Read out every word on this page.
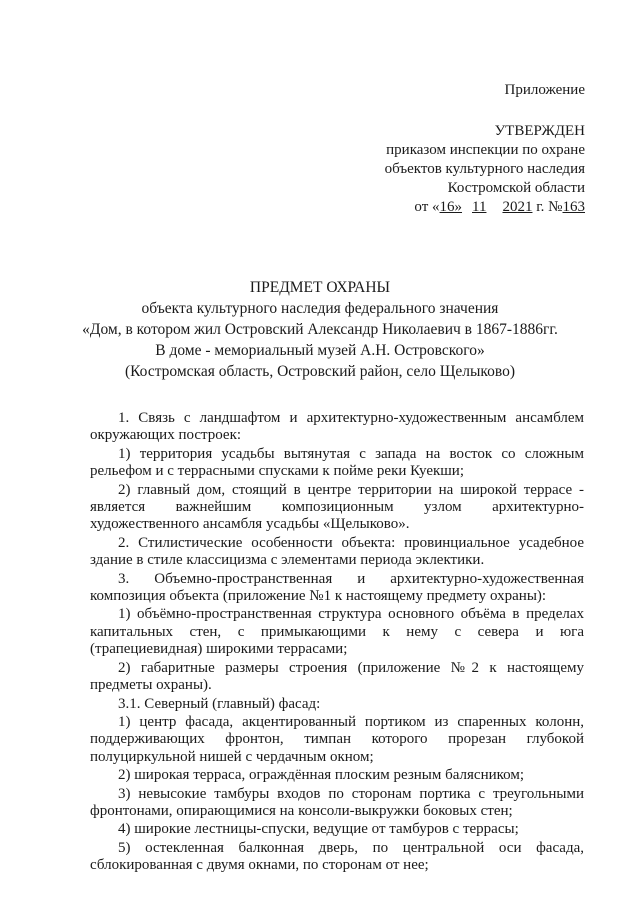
Приложение
УТВЕРЖДЕН
приказом инспекции по охране
объектов культурного наследия
Костромской области
от «16» 11 2021 г. №163
ПРЕДМЕТ ОХРАНЫ
объекта культурного наследия федерального значения
«Дом, в котором жил Островский Александр Николаевич в 1867-1886гг.
В доме - мемориальный музей А.Н. Островского»
(Костромская область, Островский район, село Щелыково)

1. Связь с ландшафтом и архитектурно-художественным ансамблем окружающих построек:

1) территория усадьбы вытянутая с запада на восток со сложным рельефом и с террасными спусками к пойме реки Куекши;

2) главный дом, стоящий в центре территории на широкой террасе - является важнейшим композиционным узлом архитектурно-художественного ансамбля усадьбы «Щелыково».

2. Стилистические особенности объекта: провинциальное усадебное здание в стиле классицизма с элементами периода эклектики.

3. Объемно-пространственная и архитектурно-художественная композиция объекта (приложение №1 к настоящему предмету охраны):

1) объёмно-пространственная структура основного объёма в пределах капитальных стен, с примыкающими к нему с севера и юга (трапециевидная) широкими террасами;

2) габаритные размеры строения (приложение №2 к настоящему предметы охраны).

3.1. Северный (главный) фасад:

1) центр фасада, акцентированный портиком из спаренных колонн, поддерживающих фронтон, тимпан которого прорезан глубокой полуциркульной нишей с чердачным окном;

2) широкая терраса, ограждённая плоским резным балясником;

3) невысокие тамбуры входов по сторонам портика с треугольными фронтонами, опирающимися на консоли-выкружки боковых стен;

4) широкие лестницы-спуски, ведущие от тамбуров с террасы;

5) остекленная балконная дверь, по центральной оси фасада, сблокированная с двумя окнами, по сторонам от нее;
